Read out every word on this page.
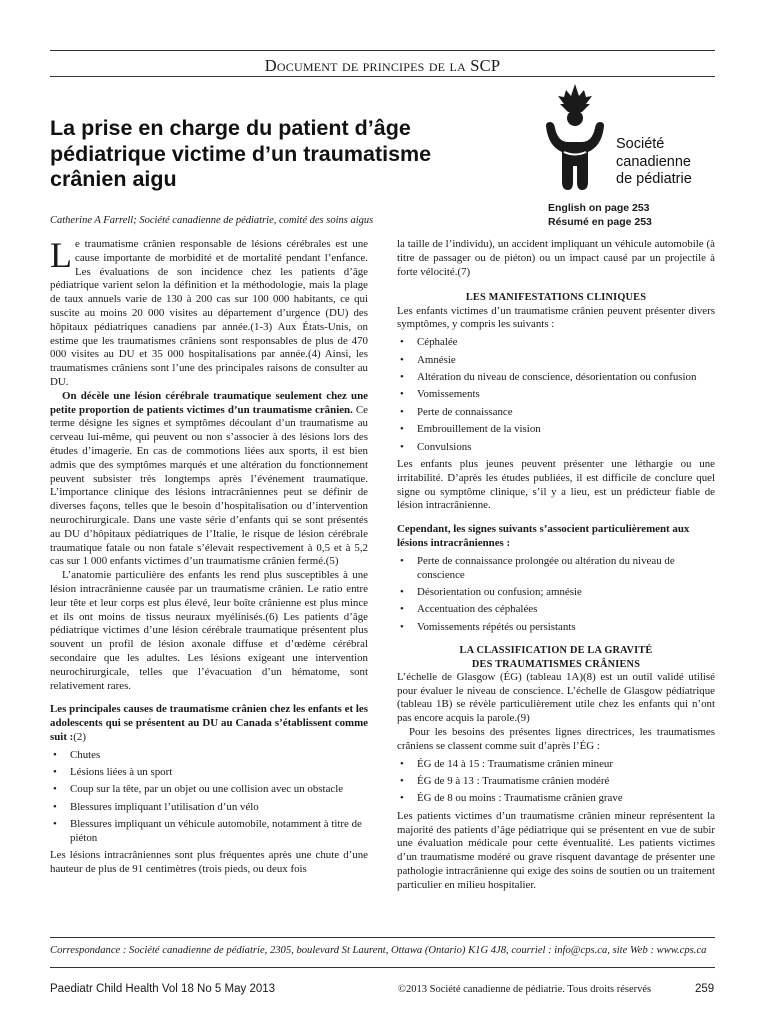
Document de principes de la SCP
La prise en charge du patient d’âge pédiatrique victime d’un traumatisme crânien aigu
Catherine A Farrell; Société canadienne de pédiatrie, comité des soins aigus
Société
canadienne
de pédiatrie
English on page 253
Résumé en page 253

Le traumatisme crânien responsable de lésions cérébrales est une cause importante de morbidité et de mortalité pendant l’enfance. Les évaluations de son incidence chez les patients d’âge pédiatrique varient selon la définition et la méthodologie, mais la plage de taux annuels varie de 130 à 200 cas sur 100 000 habitants, ce qui suscite au moins 20 000 visites au département d’urgence (DU) des hôpitaux pédiatriques canadiens par année.(1-3) Aux États-Unis, on estime que les traumatismes crâniens sont responsables de plus de 470 000 visites au DU et 35 000 hospitalisations par année.(4) Ainsi, les traumatismes crâniens sont l’une des principales raisons de consulter au DU.

On décèle une lésion cérébrale traumatique seulement chez une petite proportion de patients victimes d’un traumatisme crânien. Ce terme désigne les signes et symptômes découlant d’un traumatisme au cerveau lui-même, qui peuvent ou non s’associer à des lésions lors des études d’imagerie. En cas de commotions liées aux sports, il est bien admis que des symptômes marqués et une altération du fonctionnement peuvent subsister très longtemps après l’événement traumatique. L’importance clinique des lésions intracrâniennes peut se définir de diverses façons, telles que le besoin d’hospitalisation ou d’intervention neurochirurgicale. Dans une vaste série d’enfants qui se sont présentés au DU d’hôpitaux pédiatriques de l’Italie, le risque de lésion cérébrale traumatique fatale ou non fatale s’élevait respectivement à 0,5 et à 5,2 cas sur 1 000 enfants victimes d’un traumatisme crânien fermé.(5)

L’anatomie particulière des enfants les rend plus susceptibles à une lésion intracrânienne causée par un traumatisme crânien. Le ratio entre leur tête et leur corps est plus élevé, leur boîte crânienne est plus mince et ils ont moins de tissus neuraux myélinisés.(6) Les patients d’âge pédiatrique victimes d’une lésion cérébrale traumatique présentent plus souvent un profil de lésion axonale diffuse et d’œdème cérébral secondaire que les adultes. Les lésions exigeant une intervention neurochirurgicale, telles que l’évacuation d’un hématome, sont relativement rares.

Les principales causes de traumatisme crânien chez les enfants et les adolescents qui se présentent au DU au Canada s’établissent comme suit :(2)

• Chutes
• Lésions liées à un sport
• Coup sur la tête, par un objet ou une collision avec un obstacle
• Blessures impliquant l’utilisation d’un vélo
• Blessures impliquant un véhicule automobile, notamment à titre de piéton

Les lésions intracrâniennes sont plus fréquentes après une chute d’une hauteur de plus de 91 centimètres (trois pieds, ou deux fois

la taille de l’individu), un accident impliquant un véhicule automobile (à titre de passager ou de piéton) ou un impact causé par un projectile à forte vélocité.(7)

LES MANIFESTATIONS CLINIQUES

Les enfants victimes d’un traumatisme crânien peuvent présenter divers symptômes, y compris les suivants :

• Céphalée
• Amnésie
• Altération du niveau de conscience, désorientation ou confusion
• Vomissements
• Perte de connaissance
• Embrouillement de la vision
• Convulsions

Les enfants plus jeunes peuvent présenter une léthargie ou une irritabilité. D’après les études publiées, il est difficile de conclure quel signe ou symptôme clinique, s’il y a lieu, est un prédicteur fiable de lésion intracrânienne.

Cependant, les signes suivants s’associent particulièrement aux lésions intracrâniennes :

• Perte de connaissance prolongée ou altération du niveau de conscience
• Désorientation ou confusion; amnésie
• Accentuation des céphalées
• Vomissements répétés ou persistants

LA CLASSIFICATION DE LA GRAVITÉ
DES TRAUMATISMES CRÂNIENS

L’échelle de Glasgow (ÉG) (tableau 1A)(8) est un outil validé utilisé pour évaluer le niveau de conscience. L’échelle de Glasgow pédiatrique (tableau 1B) se révèle particulièrement utile chez les enfants qui n’ont pas encore acquis la parole.(9)

Pour les besoins des présentes lignes directrices, les traumatismes crâniens se classent comme suit d’après l’ÉG :

• ÉG de 14 à 15 : Traumatisme crânien mineur
• ÉG de 9 à 13 : Traumatisme crânien modéré
• ÉG de 8 ou moins : Traumatisme crânien grave

Les patients victimes d’un traumatisme crânien mineur représentent la majorité des patients d’âge pédiatrique qui se présentent en vue de subir une évaluation médicale pour cette éventualité. Les patients victimes d’un traumatisme modéré ou grave risquent davantage de présenter une pathologie intracrânienne qui exige des soins de soutien ou un traitement particulier en milieu hospitalier.

Correspondance : Société canadienne de pédiatrie, 2305, boulevard St Laurent, Ottawa (Ontario) K1G 4J8, courriel : info@cps.ca, site Web : www.cps.ca
Paediatr Child Health Vol 18 No 5 May 2013	©2013 Société canadienne de pédiatrie. Tous droits réservés	259
